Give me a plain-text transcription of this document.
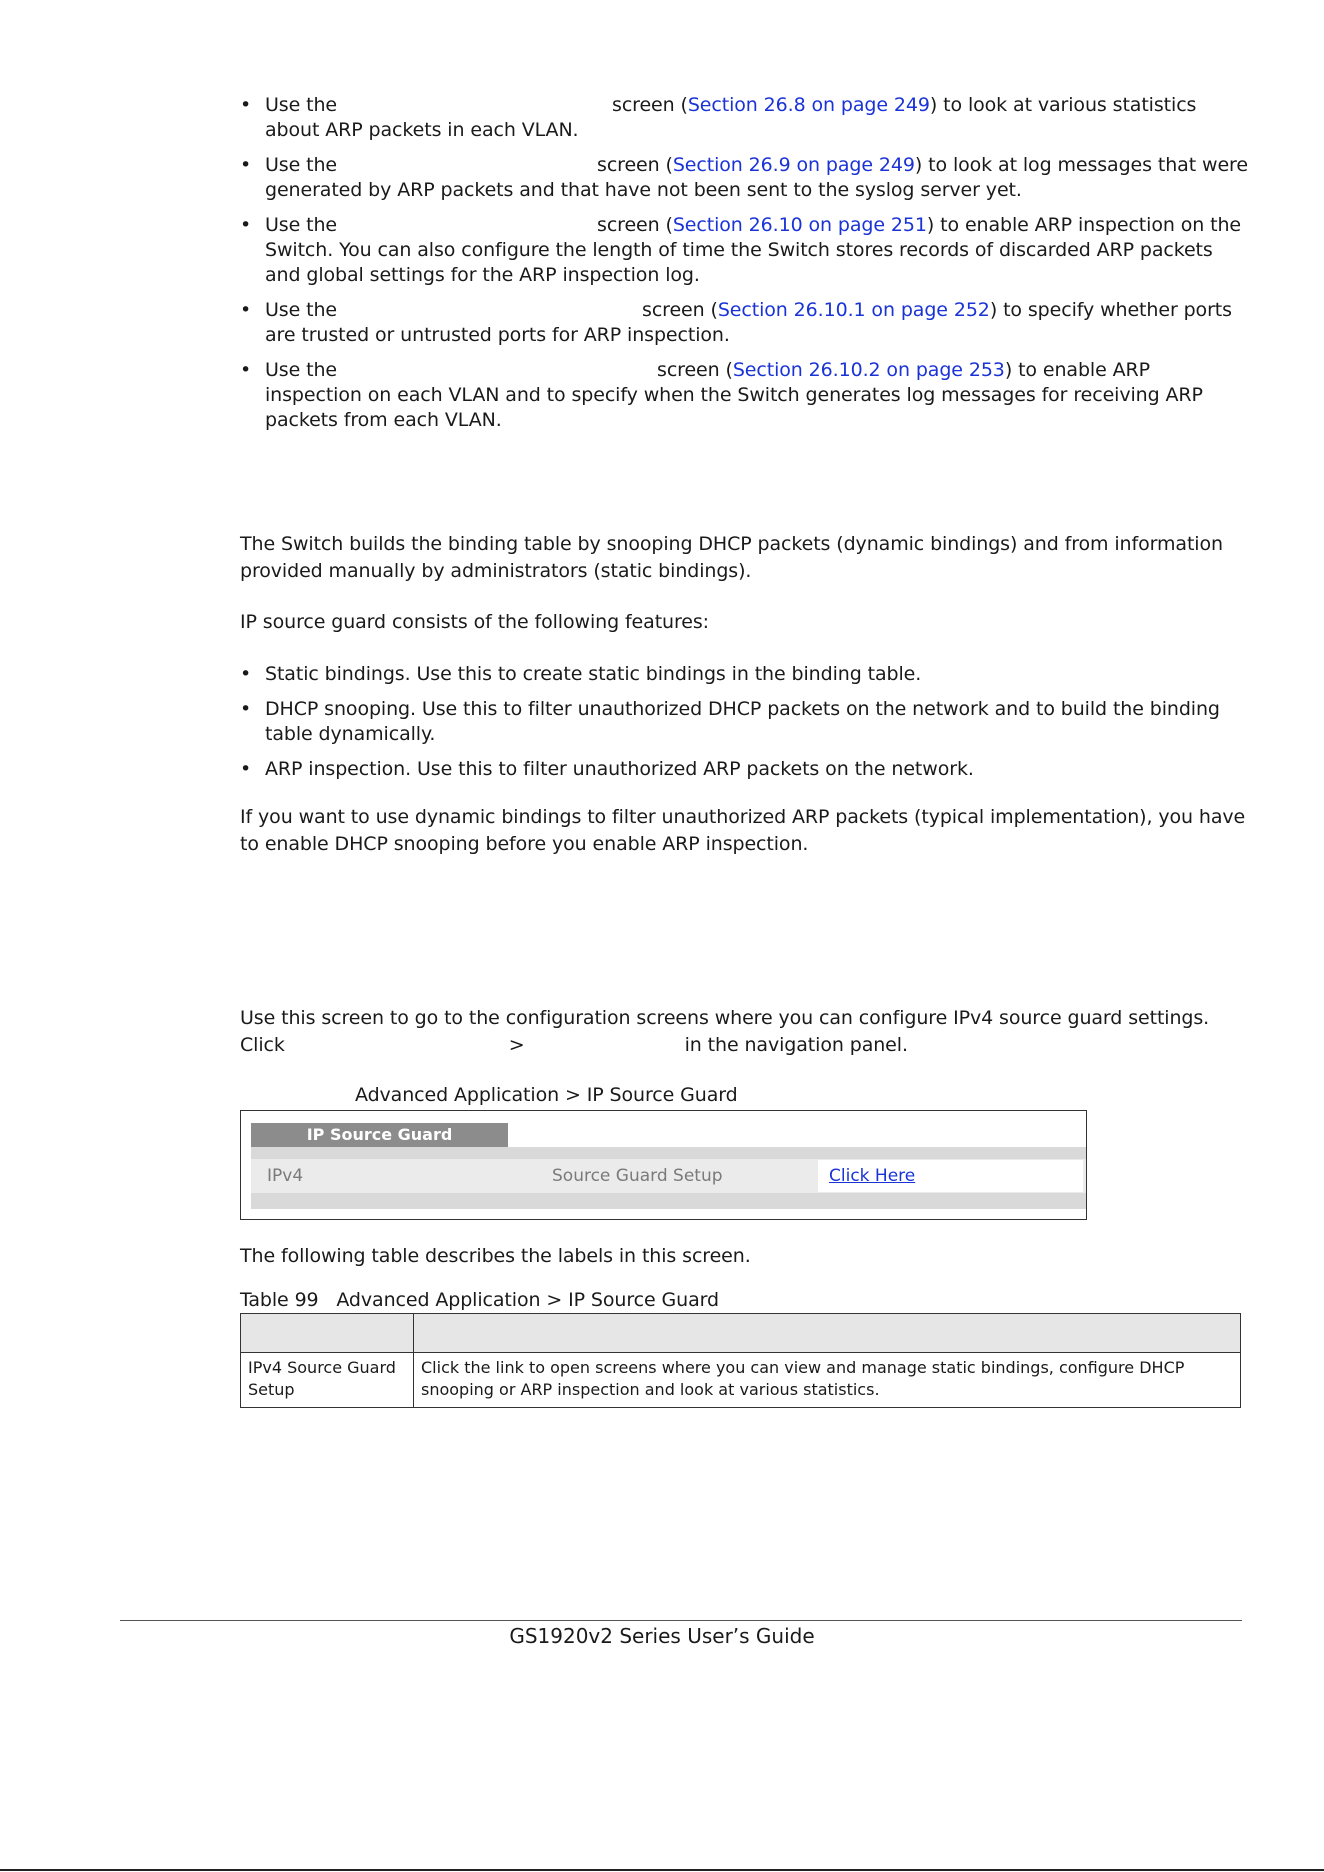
• Use the	screen (Section 26.8 on page 249) to look at various statistics about ARP packets in each VLAN.
• Use the	screen (Section 26.9 on page 249) to look at log messages that were generated by ARP packets and that have not been sent to the syslog server yet.
• Use the	screen (Section 26.10 on page 251) to enable ARP inspection on the Switch. You can also configure the length of time the Switch stores records of discarded ARP packets and global settings for the ARP inspection log.
• Use the	screen (Section 26.10.1 on page 252) to specify whether ports are trusted or untrusted ports for ARP inspection.
• Use the	screen (Section 26.10.2 on page 253) to enable ARP inspection on each VLAN and to specify when the Switch generates log messages for receiving ARP packets from each VLAN.
The Switch builds the binding table by snooping DHCP packets (dynamic bindings) and from information provided manually by administrators (static bindings).
IP source guard consists of the following features:
• Static bindings. Use this to create static bindings in the binding table.
• DHCP snooping. Use this to filter unauthorized DHCP packets on the network and to build the binding table dynamically.
• ARP inspection. Use this to filter unauthorized ARP packets on the network.
If you want to use dynamic bindings to filter unauthorized ARP packets (typical implementation), you have to enable DHCP snooping before you enable ARP inspection.
Use this screen to go to the configuration screens where you can configure IPv4 source guard settings.
Click	>	in the navigation panel.
Advanced Application > IP Source Guard
IP Source Guard
IPv4	Source Guard Setup	Click Here
The following table describes the labels in this screen.
Table 99   Advanced Application > IP Source Guard

IPv4 Source Guard Setup	Click the link to open screens where you can view and manage static bindings, configure DHCP snooping or ARP inspection and look at various statistics.
GS1920v2 Series User’s Guide
